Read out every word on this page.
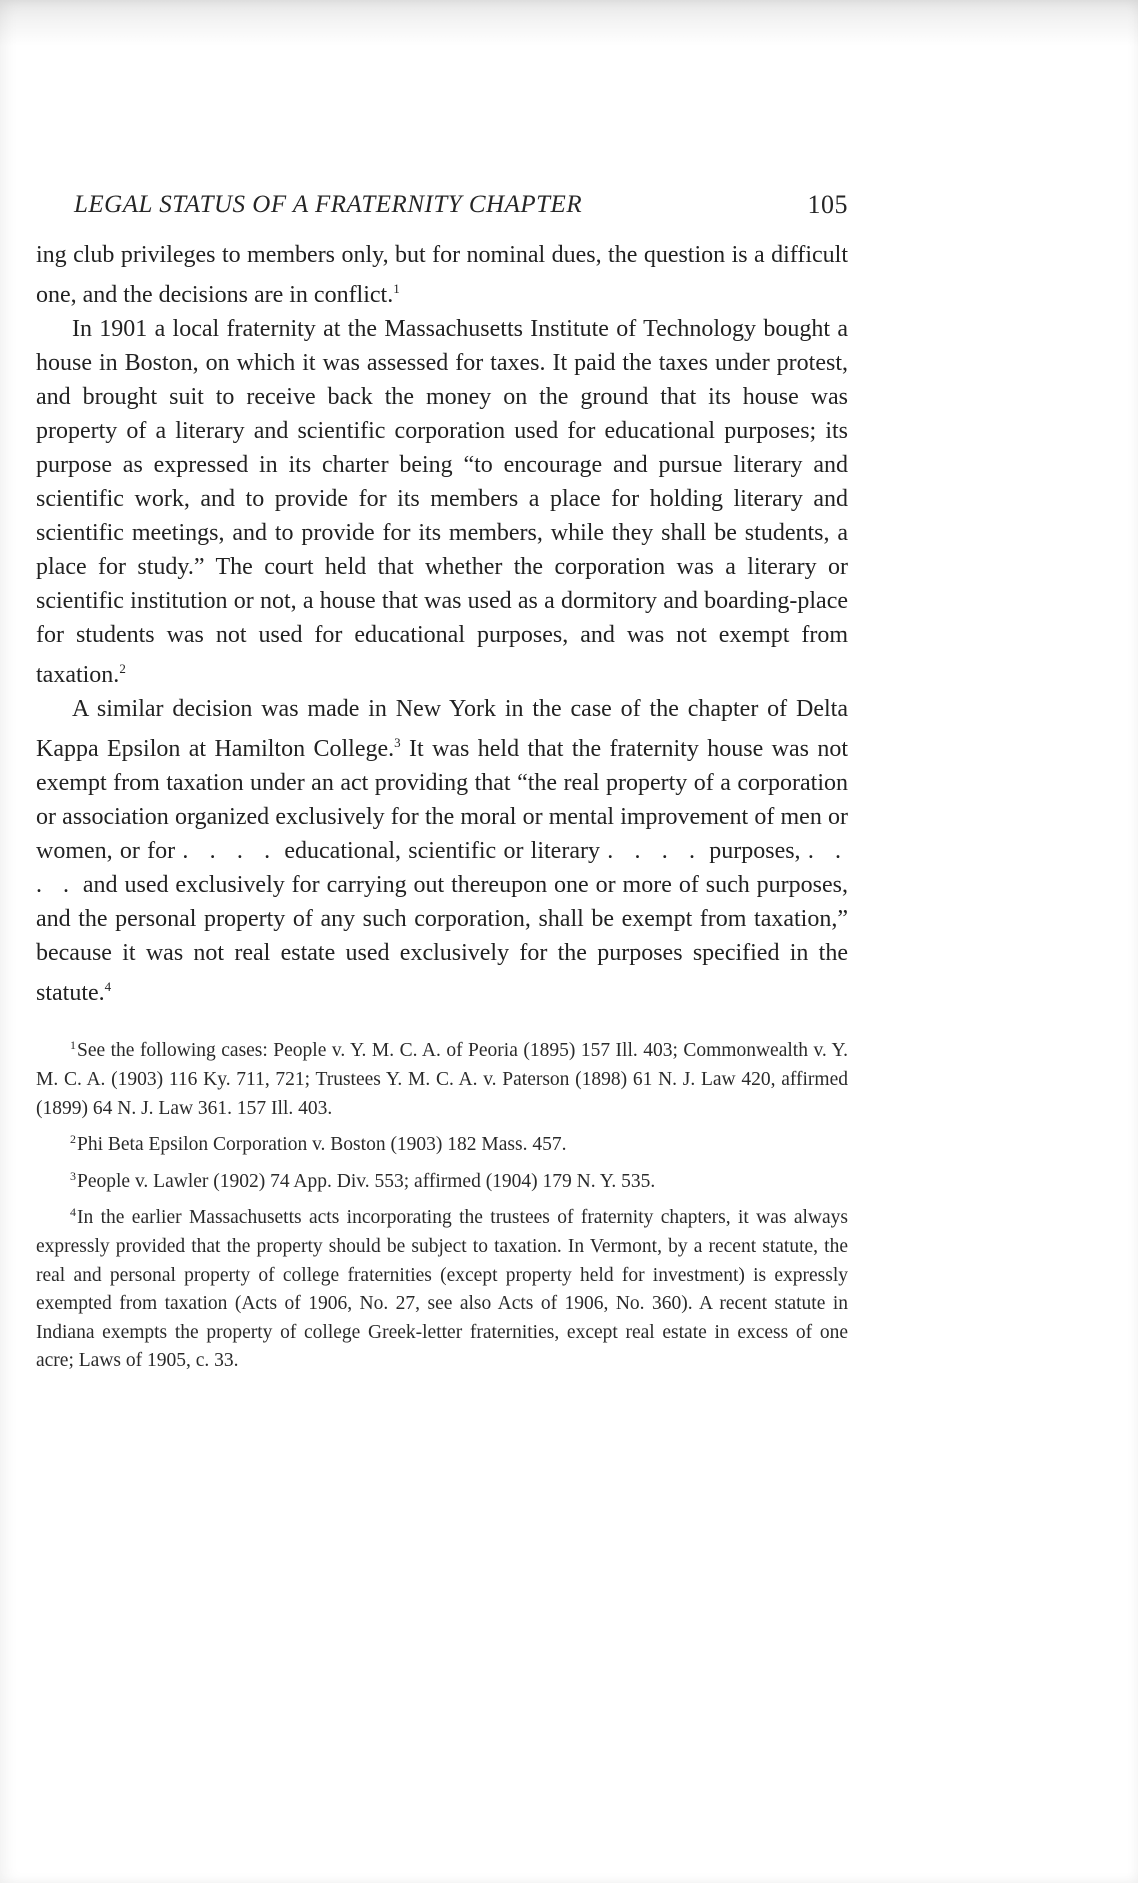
LEGAL STATUS OF A FRATERNITY CHAPTER	105

ing club privileges to members only, but for nominal dues, the question is a difficult one, and the decisions are in conflict.$^1$

In 1901 a local fraternity at the Massachusetts Institute of Technology bought a house in Boston, on which it was assessed for taxes. It paid the taxes under protest, and brought suit to receive back the money on the ground that its house was property of a literary and scientific corporation used for educational purposes; its purpose as expressed in its charter being “to encourage and pursue literary and scientific work, and to provide for its members a place for holding literary and scientific meetings, and to provide for its members, while they shall be students, a place for study.” The court held that whether the corporation was a literary or scientific institution or not, a house that was used as a dormitory and boarding-place for students was not used for educational purposes, and was not exempt from taxation.$^2$

A similar decision was made in New York in the case of the chapter of Delta Kappa Epsilon at Hamilton College.$^3$ It was held that the fraternity house was not exempt from taxation under an act providing that “the real property of a corporation or association organized exclusively for the moral or mental improvement of men or women, or for . . . . educational, scientific or literary . . . . purposes, . . . . and used exclusively for carrying out thereupon one or more of such purposes, and the personal property of any such corporation, shall be exempt from taxation,” because it was not real estate used exclusively for the purposes specified in the statute.$^4$

$^1$See the following cases: People v. Y. M. C. A. of Peoria (1895) 157 Ill. 403; Commonwealth v. Y. M. C. A. (1903) 116 Ky. 711, 721; Trustees Y. M. C. A. v. Paterson (1898) 61 N. J. Law 420, affirmed (1899) 64 N. J. Law 361. 157 Ill. 403.

$^2$Phi Beta Epsilon Corporation v. Boston (1903) 182 Mass. 457.

$^3$People v. Lawler (1902) 74 App. Div. 553; affirmed (1904) 179 N. Y. 535.

$^4$In the earlier Massachusetts acts incorporating the trustees of fraternity chapters, it was always expressly provided that the property should be subject to taxation. In Vermont, by a recent statute, the real and personal property of college fraternities (except property held for investment) is expressly exempted from taxation (Acts of 1906, No. 27, see also Acts of 1906, No. 360). A recent statute in Indiana exempts the property of college Greek-letter fraternities, except real estate in excess of one acre; Laws of 1905, c. 33.
